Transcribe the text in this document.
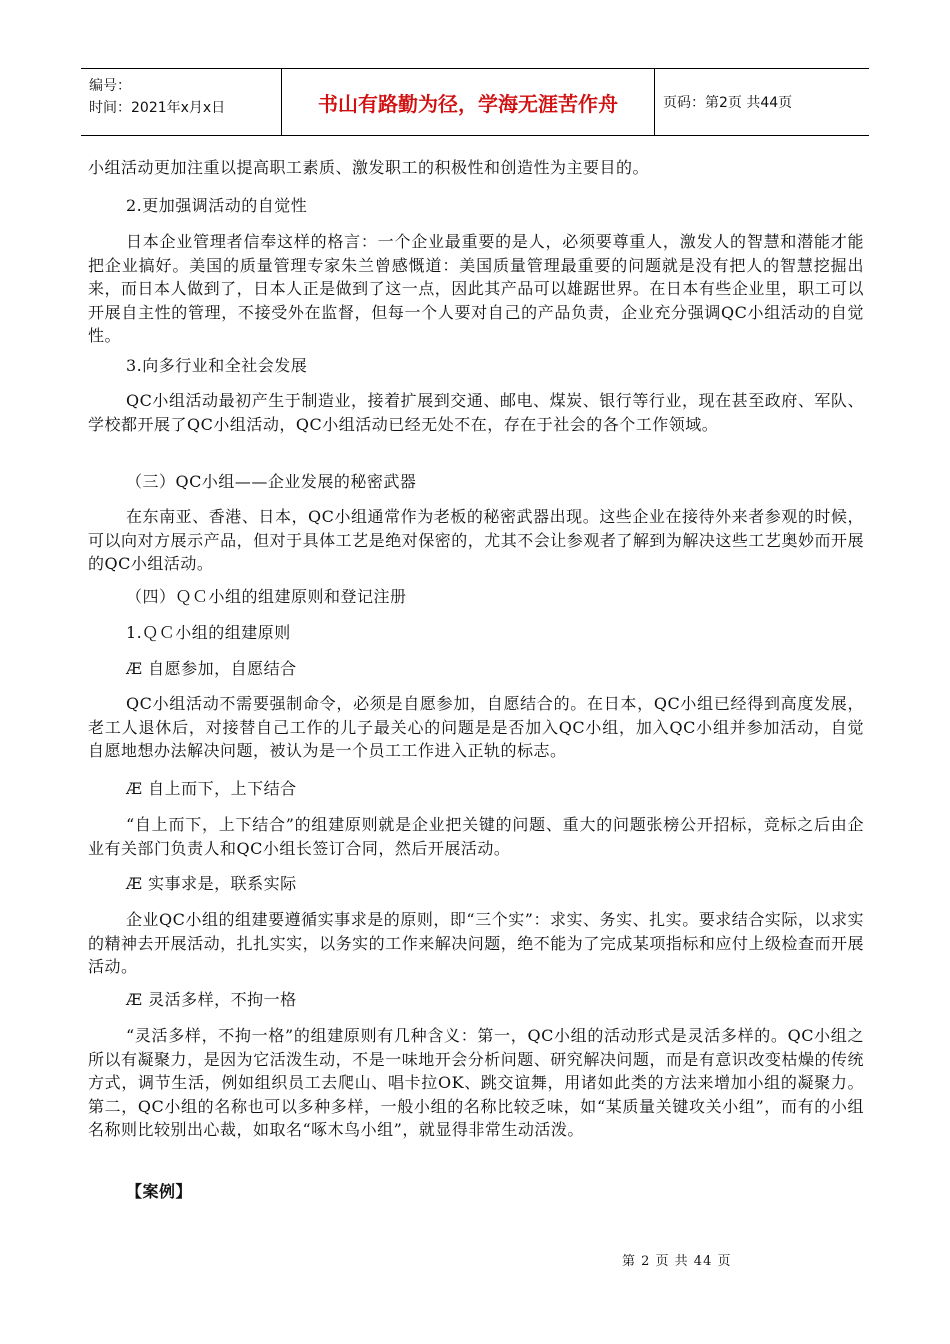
编号：
时间：2021年x月x日	书山有路勤为径，学海无涯苦作舟	页码：第2页 共44页

小组活动更加注重以提高职工素质、激发职工的积极性和创造性为主要目的。

2.更加强调活动的自觉性

日本企业管理者信奉这样的格言：一个企业最重要的是人，必须要尊重人，激发人的智慧和潜能才能把企业搞好。美国的质量管理专家朱兰曾感慨道：美国质量管理最重要的问题就是没有把人的智慧挖掘出来，而日本人做到了，日本人正是做到了这一点，因此其产品可以雄踞世界。在日本有些企业里，职工可以开展自主性的管理，不接受外在监督，但每一个人要对自己的产品负责，企业充分强调QC小组活动的自觉性。

3.向多行业和全社会发展

QC小组活动最初产生于制造业，接着扩展到交通、邮电、煤炭、银行等行业，现在甚至政府、军队、学校都开展了QC小组活动，QC小组活动已经无处不在，存在于社会的各个工作领域。

（三）QC小组——企业发展的秘密武器

在东南亚、香港、日本，QC小组通常作为老板的秘密武器出现。这些企业在接待外来者参观的时候，可以向对方展示产品，但对于具体工艺是绝对保密的，尤其不会让参观者了解到为解决这些工艺奥妙而开展的QC小组活动。

（四）ＱＣ小组的组建原则和登记注册

1.ＱＣ小组的组建原则

Æ 自愿参加，自愿结合

QC小组活动不需要强制命令，必须是自愿参加，自愿结合的。在日本，QC小组已经得到高度发展，老工人退休后，对接替自己工作的儿子最关心的问题是是否加入QC小组，加入QC小组并参加活动，自觉自愿地想办法解决问题，被认为是一个员工工作进入正轨的标志。

Æ 自上而下，上下结合

“自上而下，上下结合”的组建原则就是企业把关键的问题、重大的问题张榜公开招标，竞标之后由企业有关部门负责人和QC小组长签订合同，然后开展活动。

Æ 实事求是，联系实际

企业QC小组的组建要遵循实事求是的原则，即“三个实”：求实、务实、扎实。要求结合实际，以求实的精神去开展活动，扎扎实实，以务实的工作来解决问题，绝不能为了完成某项指标和应付上级检查而开展活动。

Æ 灵活多样，不拘一格

“灵活多样，不拘一格”的组建原则有几种含义：第一，QC小组的活动形式是灵活多样的。QC小组之所以有凝聚力，是因为它活泼生动，不是一味地开会分析问题、研究解决问题，而是有意识改变枯燥的传统方式，调节生活，例如组织员工去爬山、唱卡拉OK、跳交谊舞，用诸如此类的方法来增加小组的凝聚力。第二，QC小组的名称也可以多种多样，一般小组的名称比较乏味，如“某质量关键攻关小组”，而有的小组名称则比较别出心裁，如取名“啄木鸟小组”，就显得非常生动活泼。

【案例】

第 2 页 共 44 页
